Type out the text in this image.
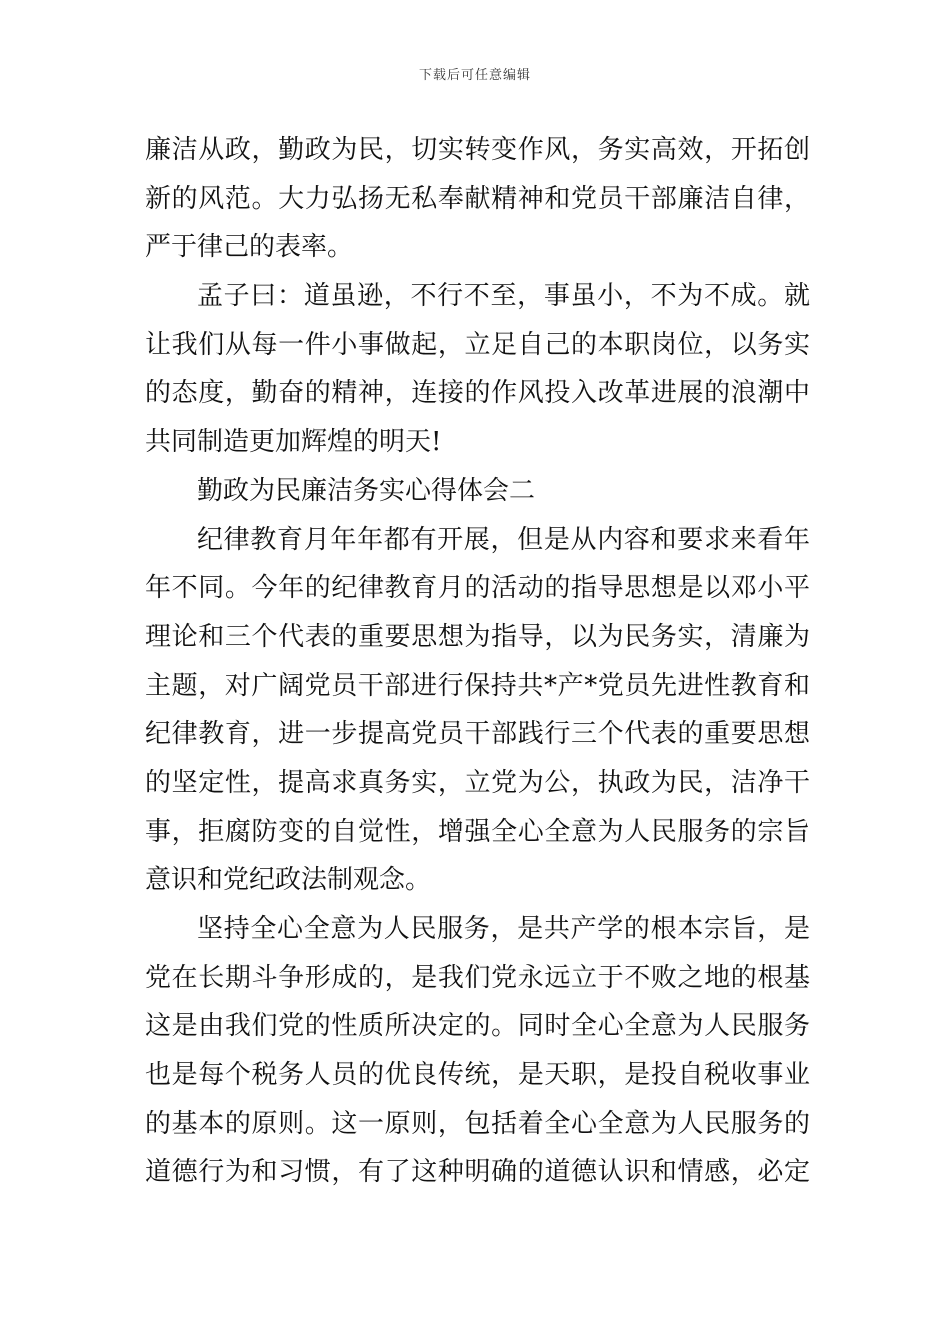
下载后可任意编辑
廉洁从政，勤政为民，切实转变作风，务实高效，开拓创
新的风范。大力弘扬无私奉献精神和党员干部廉洁自律，
严于律己的表率。
孟子曰：道虽逊，不行不至，事虽小，不为不成。就
让我们从每一件小事做起，立足自己的本职岗位，以务实
的态度，勤奋的精神，连接的作风投入改革进展的浪潮中
共同制造更加辉煌的明天!
勤政为民廉洁务实心得体会二
纪律教育月年年都有开展，但是从内容和要求来看年
年不同。今年的纪律教育月的活动的指导思想是以邓小平
理论和三个代表的重要思想为指导，以为民务实，清廉为
主题，对广阔党员干部进行保持共*产*党员先进性教育和
纪律教育，进一步提高党员干部践行三个代表的重要思想
的坚定性，提高求真务实，立党为公，执政为民，洁净干
事，拒腐防变的自觉性，增强全心全意为人民服务的宗旨
意识和党纪政法制观念。
坚持全心全意为人民服务，是共产学的根本宗旨，是
党在长期斗争形成的，是我们党永远立于不败之地的根基
这是由我们党的性质所决定的。同时全心全意为人民服务
也是每个税务人员的优良传统，是天职，是投自税收事业
的基本的原则。这一原则，包括着全心全意为人民服务的
道德行为和习惯，有了这种明确的道德认识和情感，必定
